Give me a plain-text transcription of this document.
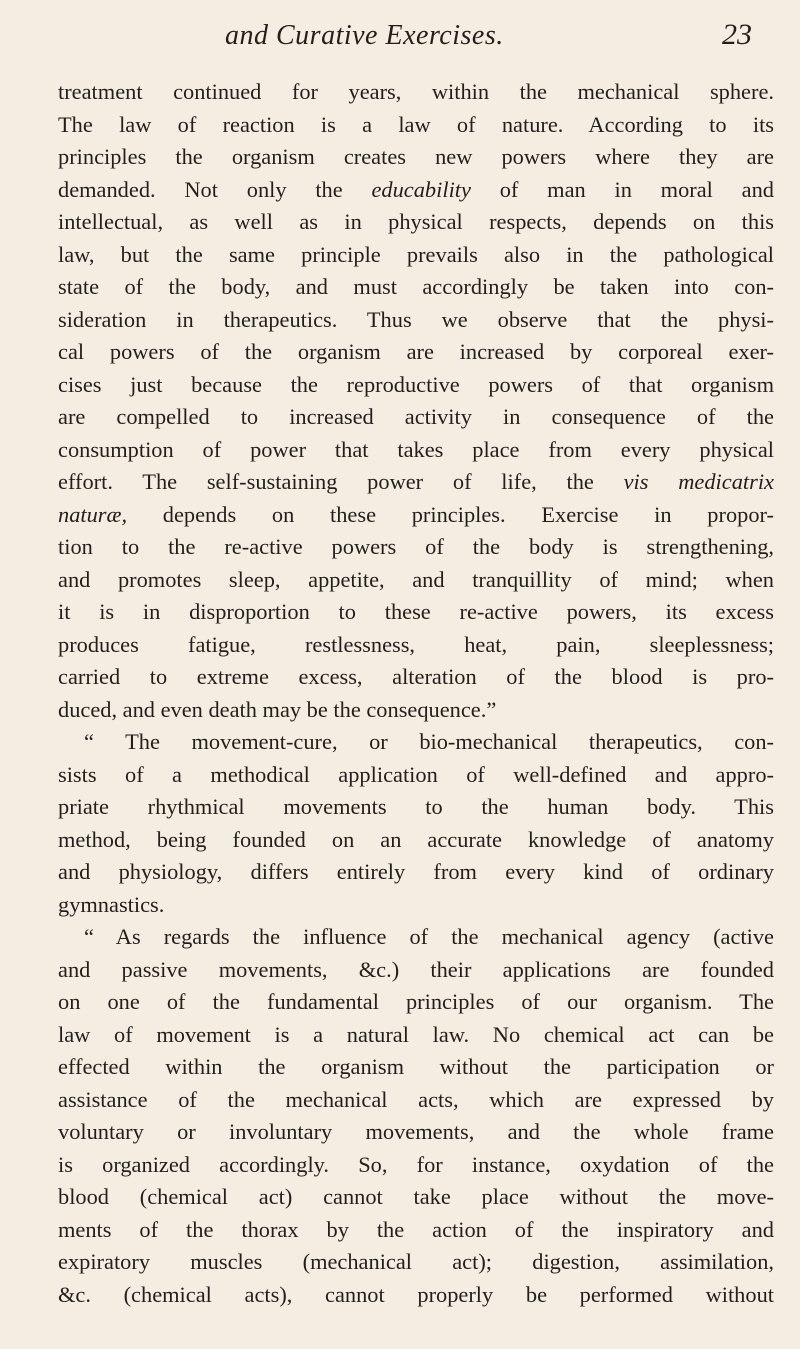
and Curative Exercises.	23
treatment continued for years, within the mechanical sphere.
The law of reaction is a law of nature. According to its
principles the organism creates new powers where they are
demanded. Not only the educability of man in moral and
intellectual, as well as in physical respects, depends on this
law, but the same principle prevails also in the pathological
state of the body, and must accordingly be taken into con-
sideration in therapeutics. Thus we observe that the physi-
cal powers of the organism are increased by corporeal exer-
cises just because the reproductive powers of that organism
are compelled to increased activity in consequence of the
consumption of power that takes place from every physical
effort. The self-sustaining power of life, the vis medicatrix
naturæ, depends on these principles. Exercise in propor-
tion to the re-active powers of the body is strengthening,
and promotes sleep, appetite, and tranquillity of mind; when
it is in disproportion to these re-active powers, its excess
produces fatigue, restlessness, heat, pain, sleeplessness;
carried to extreme excess, alteration of the blood is pro-
duced, and even death may be the consequence.”
“ The movement-cure, or bio-mechanical therapeutics, con-
sists of a methodical application of well-defined and appro-
priate rhythmical movements to the human body. This
method, being founded on an accurate knowledge of anatomy
and physiology, differs entirely from every kind of ordinary
gymnastics.
“ As regards the influence of the mechanical agency (active
and passive movements, &c.) their applications are founded
on one of the fundamental principles of our organism. The
law of movement is a natural law. No chemical act can be
effected within the organism without the participation or
assistance of the mechanical acts, which are expressed by
voluntary or involuntary movements, and the whole frame
is organized accordingly. So, for instance, oxydation of the
blood (chemical act) cannot take place without the move-
ments of the thorax by the action of the inspiratory and
expiratory muscles (mechanical act); digestion, assimilation,
&c. (chemical acts), cannot properly be performed without
